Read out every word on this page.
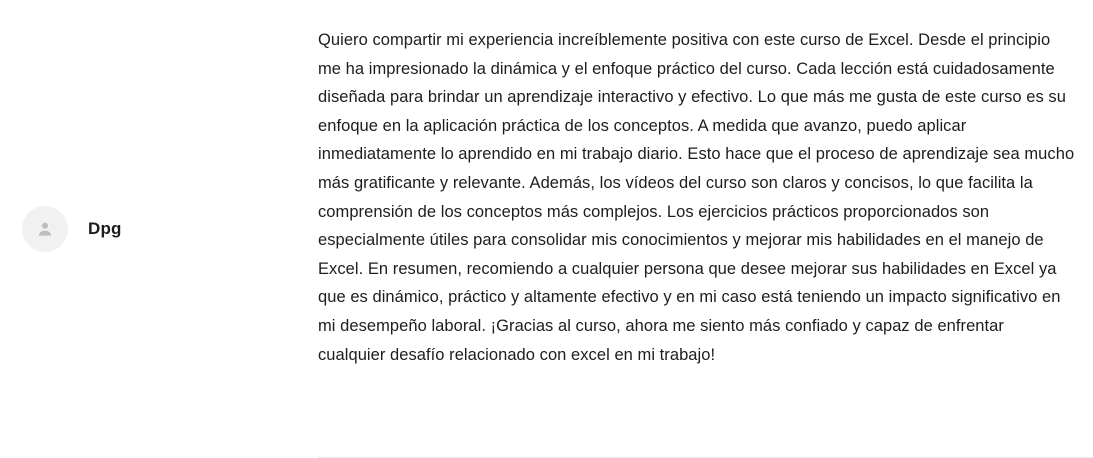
Dpg

Quiero compartir mi experiencia increíblemente positiva con este curso de Excel. Desde el principio me ha impresionado la dinámica y el enfoque práctico del curso. Cada lección está cuidadosamente diseñada para brindar un aprendizaje interactivo y efectivo. Lo que más me gusta de este curso es su enfoque en la aplicación práctica de los conceptos. A medida que avanzo, puedo aplicar inmediatamente lo aprendido en mi trabajo diario. Esto hace que el proceso de aprendizaje sea mucho más gratificante y relevante. Además, los vídeos del curso son claros y concisos, lo que facilita la comprensión de los conceptos más complejos. Los ejercicios prácticos proporcionados son especialmente útiles para consolidar mis conocimientos y mejorar mis habilidades en el manejo de Excel. En resumen, recomiendo a cualquier persona que desee mejorar sus habilidades en Excel ya que es dinámico, práctico y altamente efectivo y en mi caso está teniendo un impacto significativo en mi desempeño laboral. ¡Gracias al curso, ahora me siento más confiado y capaz de enfrentar cualquier desafío relacionado con excel en mi trabajo!
